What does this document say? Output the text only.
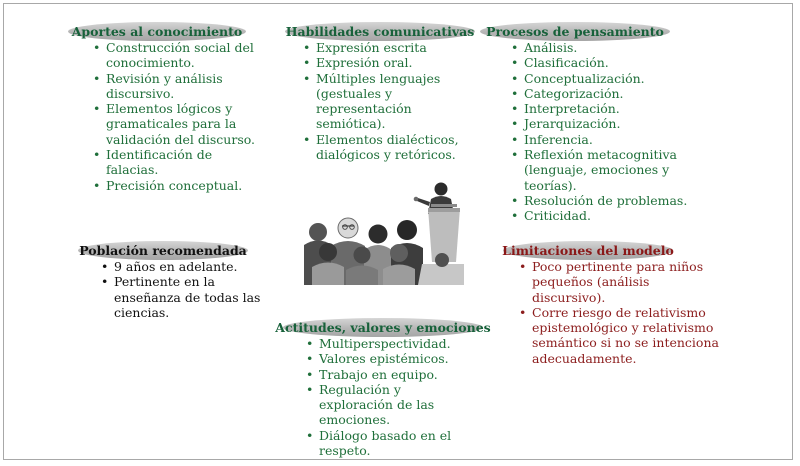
Aportes al conocimiento
• Construcción social del conocimiento.
• Revisión y análisis discursivo.
• Elementos lógicos y gramaticales para la validación del discurso.
• Identificación de falacias.
• Precisión conceptual.
Habilidades comunicativas
• Expresión escrita
• Expresión oral.
• Múltiples lenguajes (gestuales y representación semiótica).
• Elementos dialécticos, dialógicos y retóricos.
Procesos de pensamiento
• Análisis.
• Clasificación.
• Conceptualización.
• Categorización.
• Interpretación.
• Jerarquización.
• Inferencia.
• Reflexión metacognitiva (lenguaje, emociones y teorías).
• Resolución de problemas.
• Criticidad.
Población recomendada
• 9 años en adelante.
• Pertinente en la enseñanza de todas las ciencias.
Limitaciones del modelo
• Poco pertinente para niños pequeños (análisis discursivo).
• Corre riesgo de relativismo epistemológico y relativismo semántico si no se intenciona adecuadamente.
Actitudes, valores y emociones
• Multiperspectividad.
• Valores epistémicos.
• Trabajo en equipo.
• Regulación y exploración de las emociones.
• Diálogo basado en el respeto.
